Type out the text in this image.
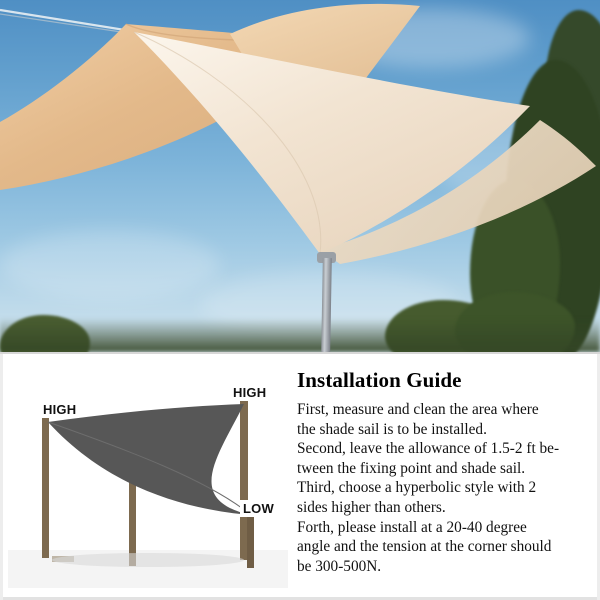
HIGH
HIGH
LOW
Installation Guide

First, measure and clean the area where

the shade sail is to be installed.

Second, leave the allowance of 1.5-2 ft be-

tween the fixing point and shade sail.

Third, choose a hyperbolic style with 2

sides higher than others.

Forth, please install at a 20-40 degree

angle and the tension at the corner should

be 300-500N.
